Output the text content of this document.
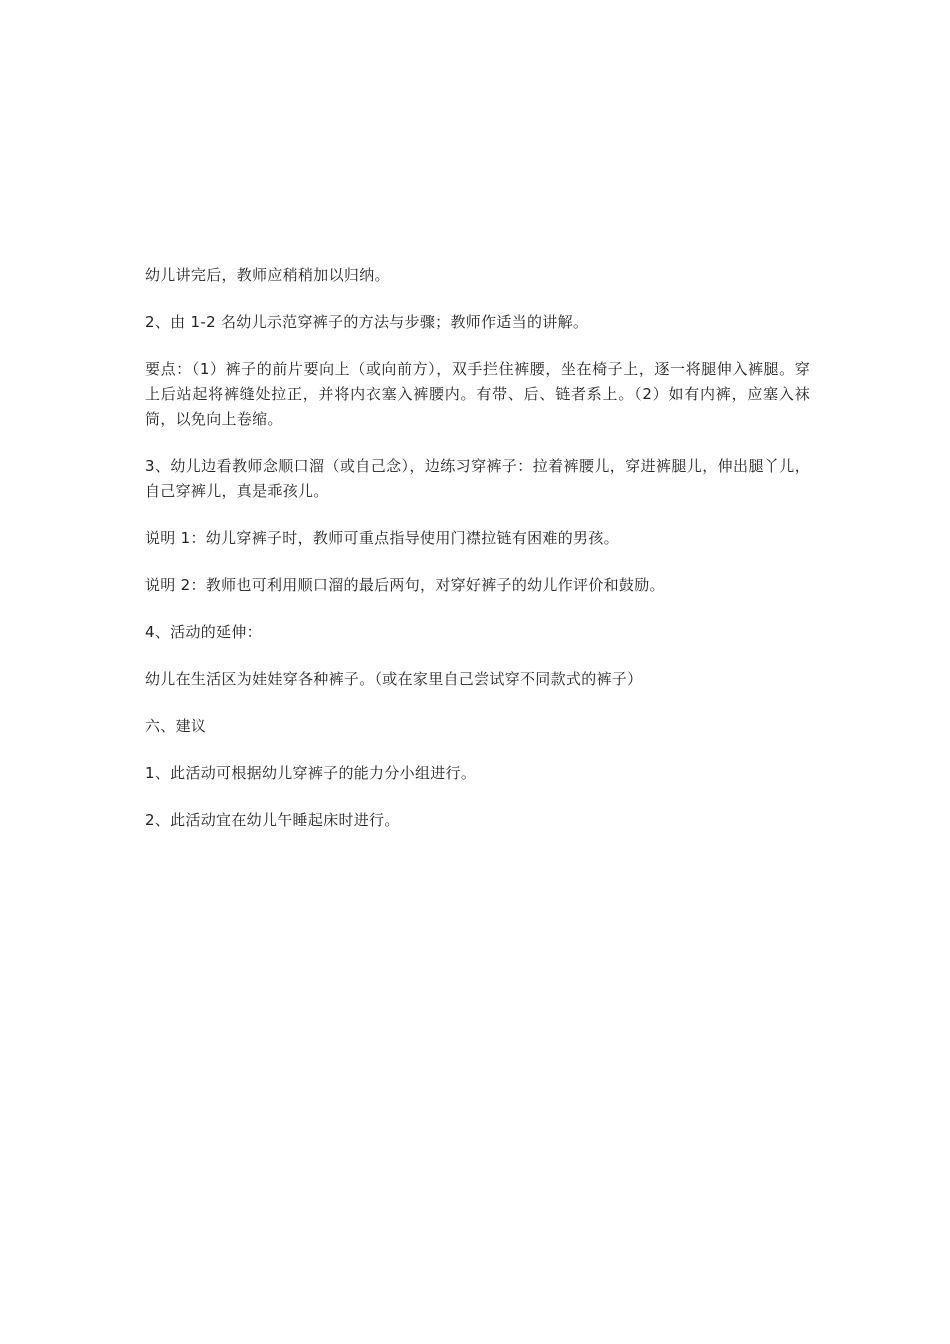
幼儿讲完后，教师应稍稍加以归纳。

2、由 1-2 名幼儿示范穿裤子的方法与步骤；教师作适当的讲解。

要点：（1）裤子的前片要向上（或向前方），双手拦住裤腰，坐在椅子上，逐一将腿伸入裤腿。穿上后站起将裤缝处拉正，并将内衣塞入裤腰内。有带、后、链者系上。（2）如有内裤，应塞入袜筒，以免向上卷缩。

3、幼儿边看教师念顺口溜（或自己念），边练习穿裤子：拉着裤腰儿，穿进裤腿儿，伸出腿丫儿，自己穿裤儿，真是乖孩儿。

说明 1：幼儿穿裤子时，教师可重点指导使用门襟拉链有困难的男孩。

说明 2：教师也可利用顺口溜的最后两句，对穿好裤子的幼儿作评价和鼓励。

4、活动的延伸：

幼儿在生活区为娃娃穿各种裤子。（或在家里自己尝试穿不同款式的裤子）

六、建议

1、此活动可根据幼儿穿裤子的能力分小组进行。

2、此活动宜在幼儿午睡起床时进行。
